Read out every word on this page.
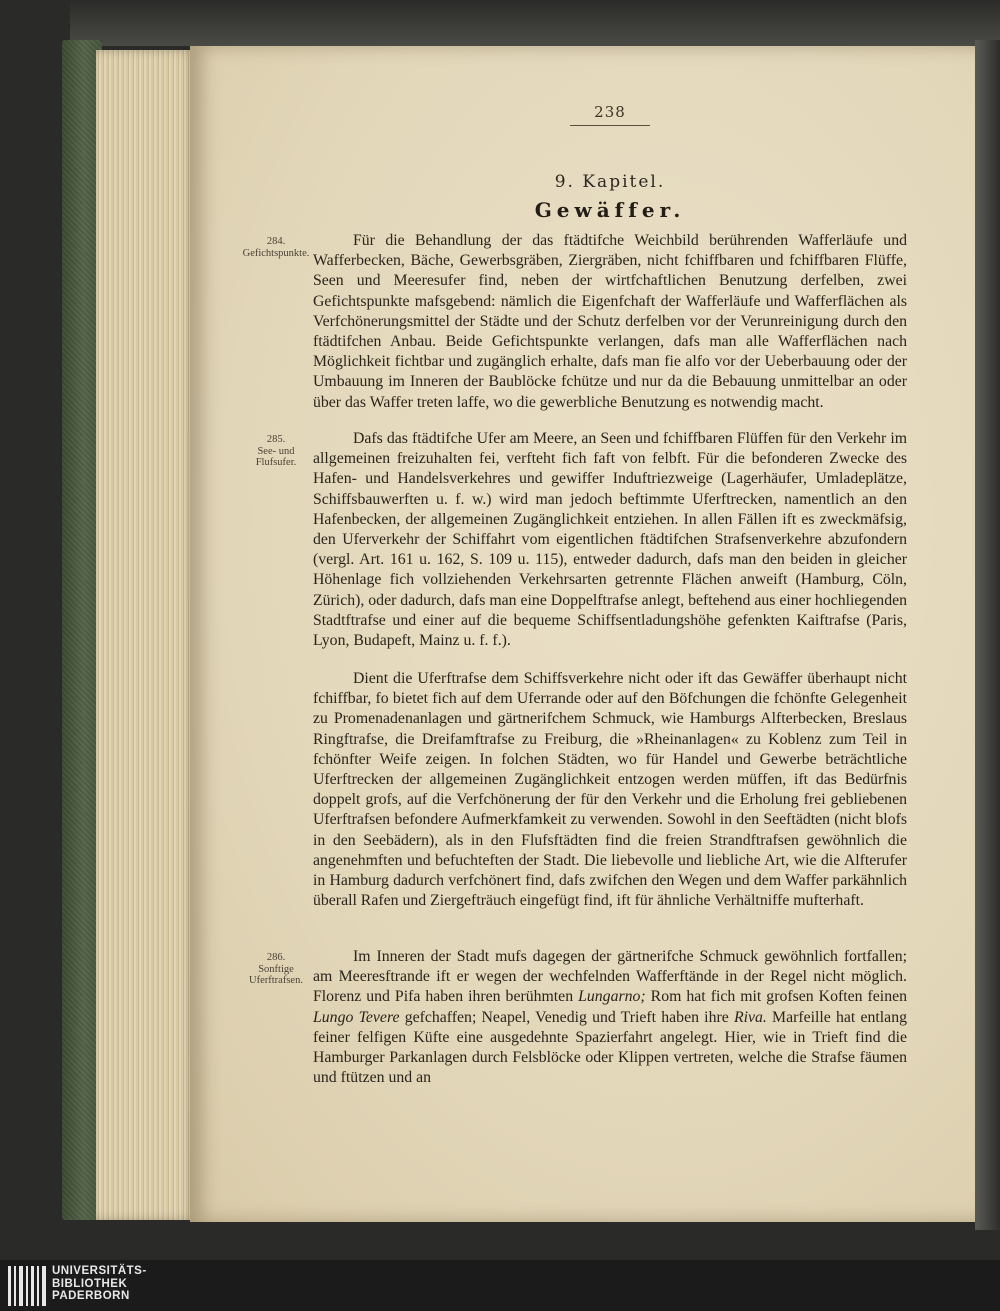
238
9. Kapitel.
Gewäffer.
284.
Gefichtspunkte.
285.
See- und Flufsufer.
286.
Sonftige Uferftrafsen.

Für die Behandlung der das ftädtifche Weichbild berührenden Wafferläufe und Wafferbecken, Bäche, Gewerbsgräben, Ziergräben, nicht fchiffbaren und fchiffbaren Flüffe, Seen und Meeresufer find, neben der wirtfchaftlichen Benutzung derfelben, zwei Gefichtspunkte mafsgebend: nämlich die Eigenfchaft der Wafferläufe und Wafferflächen als Verfchönerungsmittel der Städte und der Schutz derfelben vor der Verunreinigung durch den ftädtifchen Anbau. Beide Gefichtspunkte verlangen, dafs man alle Wafferflächen nach Möglichkeit fichtbar und zugänglich erhalte, dafs man fie alfo vor der Ueberbauung oder der Umbauung im Inneren der Baublöcke fchütze und nur da die Bebauung unmittelbar an oder über das Waffer treten laffe, wo die gewerbliche Benutzung es notwendig macht.

Dafs das ftädtifche Ufer am Meere, an Seen und fchiffbaren Flüffen für den Verkehr im allgemeinen freizuhalten fei, verfteht fich faft von felbft. Für die befonderen Zwecke des Hafen- und Handelsverkehres und gewiffer Induftriezweige (Lagerhäufer, Umladeplätze, Schiffsbauwerften u. f. w.) wird man jedoch beftimmte Uferftrecken, namentlich an den Hafenbecken, der allgemeinen Zugänglichkeit entziehen. In allen Fällen ift es zweckmäfsig, den Uferverkehr der Schiffahrt vom eigentlichen ftädtifchen Strafsenverkehre abzufondern (vergl. Art. 161 u. 162, S. 109 u. 115), entweder dadurch, dafs man den beiden in gleicher Höhenlage fich vollziehenden Verkehrsarten getrennte Flächen anweift (Hamburg, Cöln, Zürich), oder dadurch, dafs man eine Doppelftrafse anlegt, beftehend aus einer hochliegenden Stadtftrafse und einer auf die bequeme Schiffsentladungshöhe gefenkten Kaiftrafse (Paris, Lyon, Budapeft, Mainz u. f. f.).

Dient die Uferftrafse dem Schiffsverkehre nicht oder ift das Gewäffer überhaupt nicht fchiffbar, fo bietet fich auf dem Uferrande oder auf den Böfchungen die fchönfte Gelegenheit zu Promenadenanlagen und gärtnerifchem Schmuck, wie Hamburgs Alfterbecken, Breslaus Ringftrafse, die Dreifamftrafse zu Freiburg, die »Rheinanlagen« zu Koblenz zum Teil in fchönfter Weife zeigen. In folchen Städten, wo für Handel und Gewerbe beträchtliche Uferftrecken der allgemeinen Zugänglichkeit entzogen werden müffen, ift das Bedürfnis doppelt grofs, auf die Verfchönerung der für den Verkehr und die Erholung frei gebliebenen Uferftrafsen befondere Aufmerkfamkeit zu verwenden. Sowohl in den Seeftädten (nicht blofs in den Seebädern), als in den Flufsftädten find die freien Strandftrafsen gewöhnlich die angenehmften und befuchteften der Stadt. Die liebevolle und liebliche Art, wie die Alfterufer in Hamburg dadurch verfchönert find, dafs zwifchen den Wegen und dem Waffer parkähnlich überall Rafen und Ziergefträuch eingefügt find, ift für ähnliche Verhältniffe mufterhaft.

Im Inneren der Stadt mufs dagegen der gärtnerifche Schmuck gewöhnlich fortfallen; am Meeresftrande ift er wegen der wechfelnden Wafferftände in der Regel nicht möglich. Florenz und Pifa haben ihren berühmten Lungarno; Rom hat fich mit grofsen Koften feinen Lungo Tevere gefchaffen; Neapel, Venedig und Trieft haben ihre Riva. Marfeille hat entlang feiner felfigen Küfte eine ausgedehnte Spazierfahrt angelegt. Hier, wie in Trieft find die Hamburger Parkanlagen durch Felsblöcke oder Klippen vertreten, welche die Strafse fäumen und ftützen und an

UNIVERSITÄTS-
BIBLIOTHEK
PADERBORN
